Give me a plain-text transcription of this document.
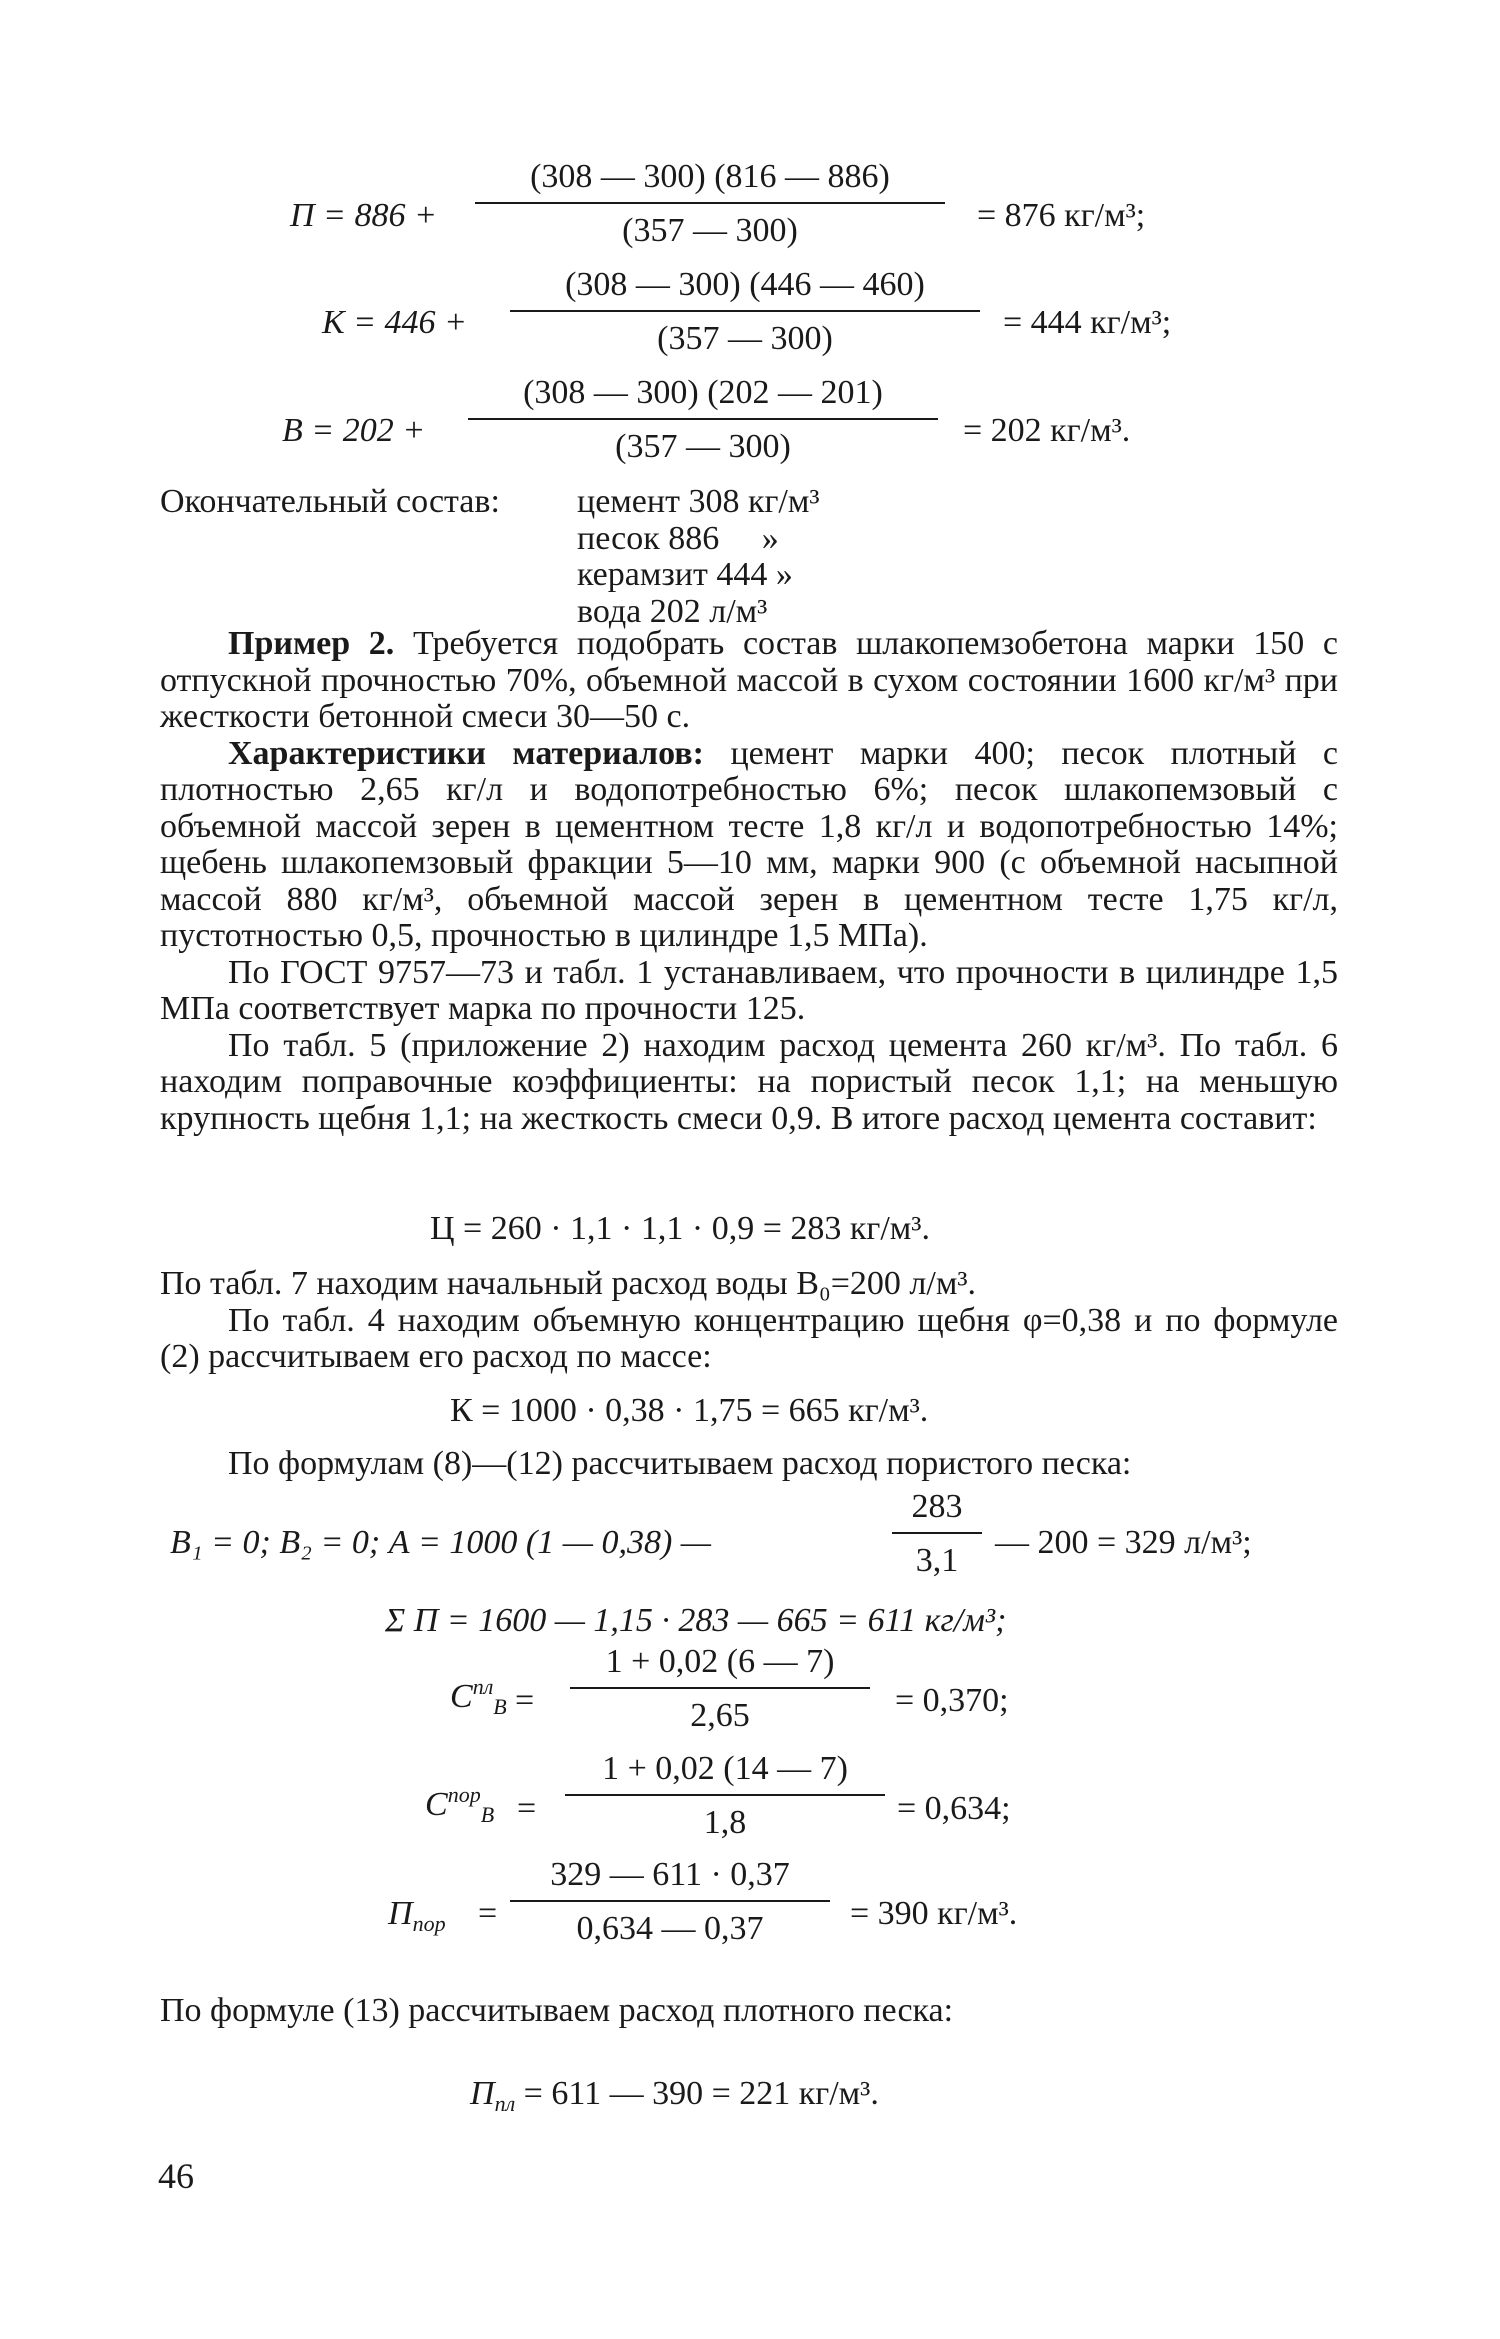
П = 886 +
(308 — 300) (816 — 886)
(357 — 300)	= 876 кг/м³;
К = 446 +
(308 — 300) (446 — 460)
(357 — 300)	= 444 кг/м³;
В = 202 +
(308 — 300) (202 — 201)
(357 — 300)	= 202 кг/м³.
Окончательный состав: цемент 308 кг/м³
песок 886     »
керамзит 444 »
вода 202 л/м³

Пример 2. Требуется подобрать состав шлакопемзобетона марки 150 с отпускной прочностью 70%, объемной массой в сухом состоянии 1600 кг/м³ при жесткости бетонной смеси 30—50 с.

Характеристики материалов: цемент марки 400; песок плотный с плотностью 2,65 кг/л и водопотребностью 6%; песок шлакопемзовый с объемной массой зерен в цементном тесте 1,8 кг/л и водопотребностью 14%; щебень шлакопемзовый фракции 5—10 мм, марки 900 (с объемной насыпной массой 880 кг/м³, объемной массой зерен в цементном тесте 1,75 кг/л, пустотностью 0,5, прочностью в цилиндре 1,5 МПа).

По ГОСТ 9757—73 и табл. 1 устанавливаем, что прочности в цилиндре 1,5 МПа соответствует марка по прочности 125.

По табл. 5 (приложение 2) находим расход цемента 260 кг/м³. По табл. 6 находим поправочные коэффициенты: на пористый песок 1,1; на меньшую крупность щебня 1,1; на жесткость смеси 0,9. В итоге расход цемента составит:

Ц = 260 · 1,1 · 1,1 · 0,9 = 283 кг/м³.

По табл. 7 находим начальный расход воды В₀=200 л/м³.

По табл. 4 находим объемную концентрацию щебня φ=0,38 и по формуле (2) рассчитываем его расход по массе:

К = 1000 · 0,38 · 1,75 = 665 кг/м³.

По формулам (8)—(12) рассчитываем расход пористого песка:

В₁ = 0; В₂ = 0; А = 1000 (1 — 0,38) —
283
3,1	— 200 = 329 л/м³;
Σ П = 1600 — 1,15 · 283 — 665 = 611 кг/м³;
$C^{пл}_B$ =
1 + 0,02 (6 — 7)
2,65	= 0,370;
$C^{пор}_B$ =
1 + 0,02 (14 — 7)
1,8	= 0,634;
$П_{пор}$ =
329 — 611 · 0,37
0,634 — 0,37	= 390 кг/м³.

По формуле (13) рассчитываем расход плотного песка:

$П_{пл} = 611$ — 390 = 221 кг/м³.
46
